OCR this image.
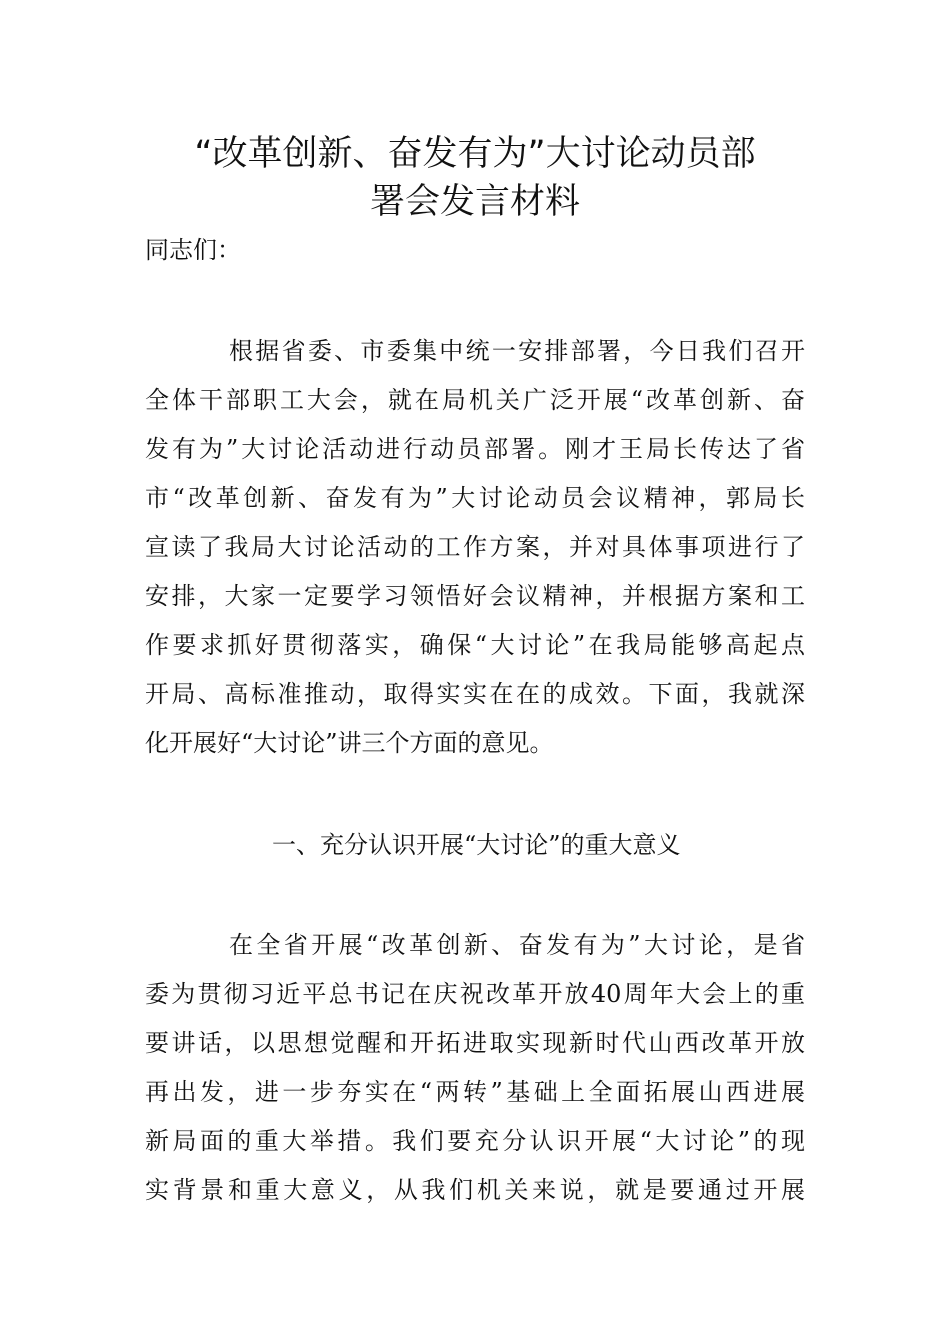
“改革创新、奋发有为”大讨论动员部
署会发言材料
同志们：
根据省委、市委集中统一安排部署，今日我们召开
全体干部职工大会，就在局机关广泛开展“改革创新、奋
发有为”大讨论活动进行动员部署。刚才王局长传达了省
市“改革创新、奋发有为”大讨论动员会议精神，郭局长
宣读了我局大讨论活动的工作方案，并对具体事项进行了
安排，大家一定要学习领悟好会议精神，并根据方案和工
作要求抓好贯彻落实，确保“大讨论”在我局能够高起点
开局、高标准推动，取得实实在在的成效。下面，我就深
化开展好“大讨论”讲三个方面的意见。
一、充分认识开展“大讨论”的重大意义
在全省开展“改革创新、奋发有为”大讨论，是省
委为贯彻习近平总书记在庆祝改革开放40周年大会上的重
要讲话，以思想觉醒和开拓进取实现新时代山西改革开放
再出发，进一步夯实在“两转”基础上全面拓展山西进展
新局面的重大举措。我们要充分认识开展“大讨论”的现
实背景和重大意义，从我们机关来说，就是要通过开展
